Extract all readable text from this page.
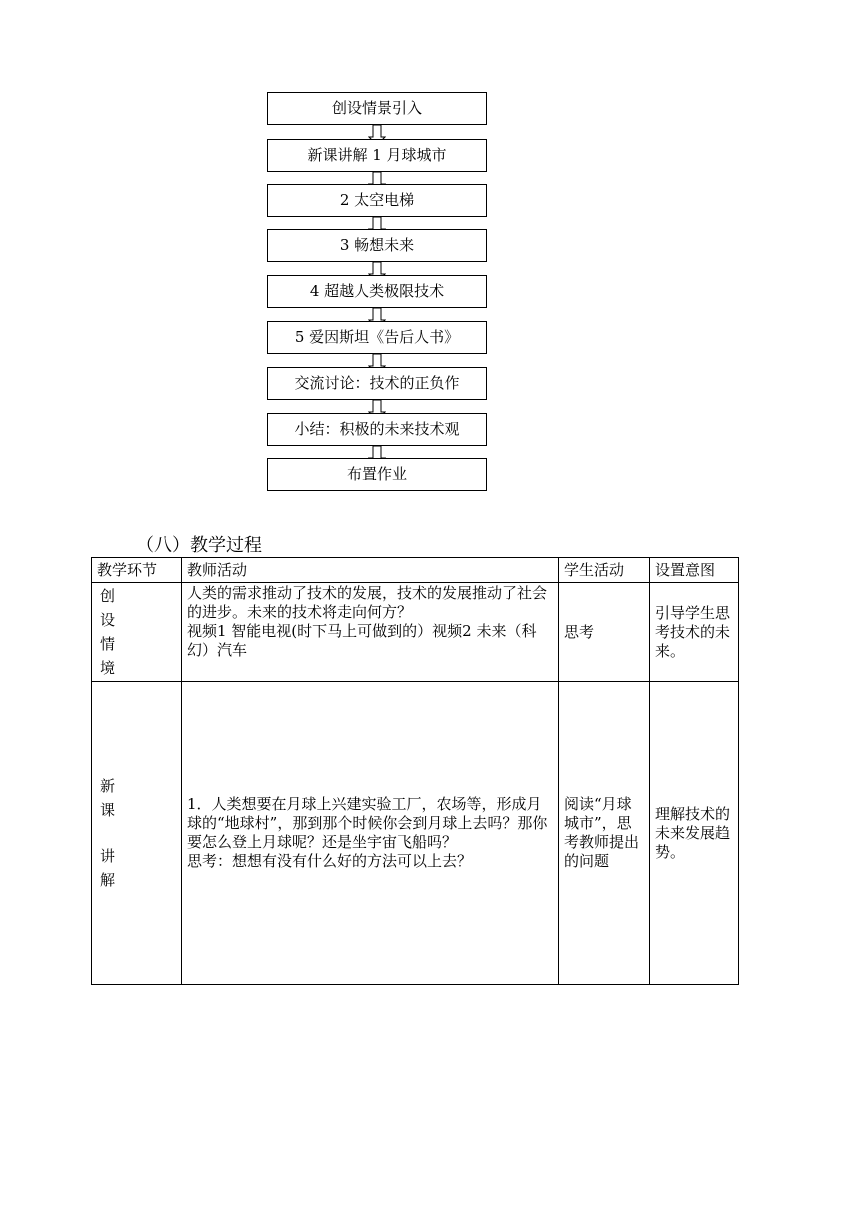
创设情景引入
新课讲解 1 月球城市
2 太空电梯
3 畅想未来
4 超越人类极限技术
5 爱因斯坦《告后人书》
交流讨论：技术的正负作
小结：积极的未来技术观
布置作业
（八）教学过程
教学环节	教师活动	学生活动	设置意图

创
设
情
境	人类的需求推动了技术的发展，技术的发展推动了社会的进步。未来的技术将走向何方？
视频1 智能电视(时下马上可做到的）视频2 未来（科幻）汽车	思考	引导学生思考技术的未来。

新
课
讲
解	1．人类想要在月球上兴建实验工厂，农场等，形成月球的“地球村”，那到那个时候你会到月球上去吗？那你要怎么登上月球呢？还是坐宇宙飞船吗？
思考：想想有没有什么好的方法可以上去？	阅读“月球城市”，思考教师提出的问题	理解技术的未来发展趋势。
